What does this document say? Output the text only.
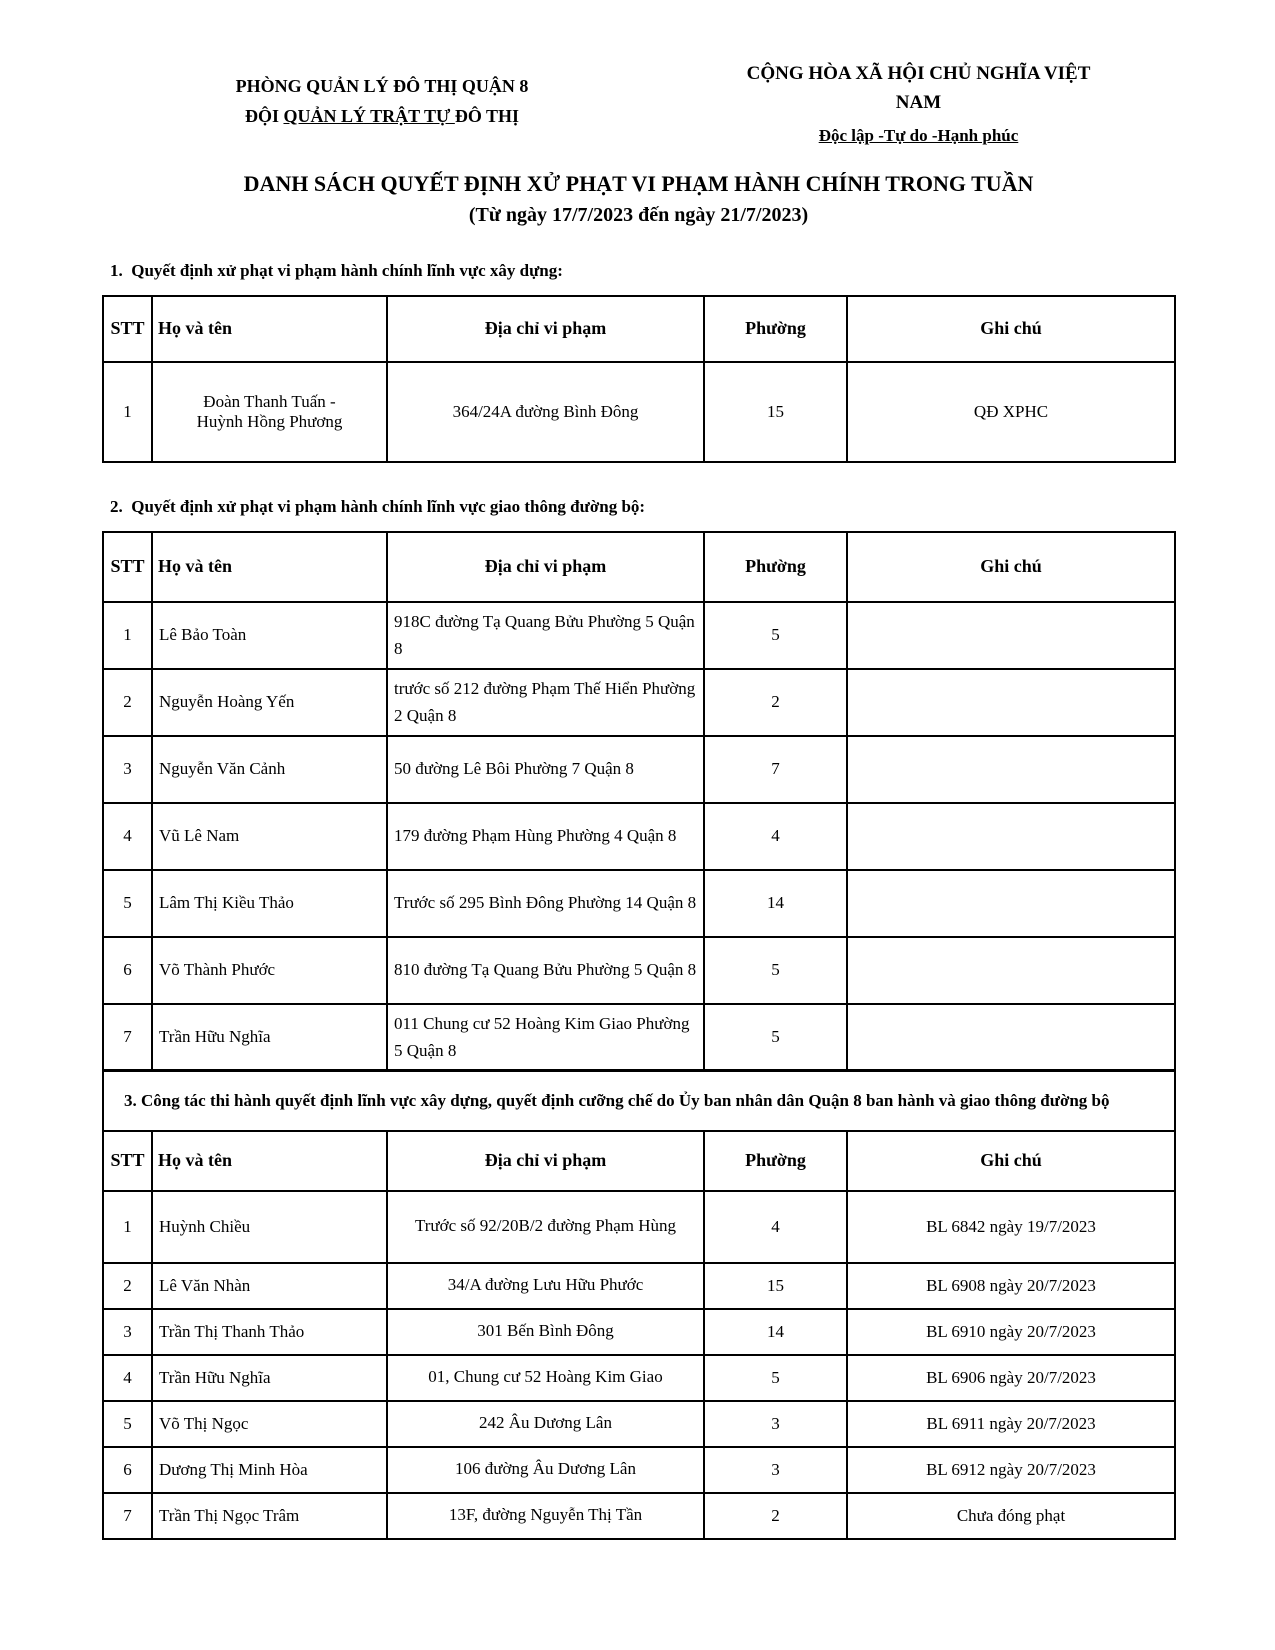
PHÒNG QUẢN LÝ ĐÔ THỊ QUẬN 8
ĐỘI QUẢN LÝ TRẬT TỰ ĐÔ THỊ
CỘNG HÒA XÃ HỘI CHỦ NGHĨA VIỆT
NAM
Độc lập -Tự do -Hạnh phúc
DANH SÁCH QUYẾT ĐỊNH XỬ PHẠT VI PHẠM HÀNH CHÍNH TRONG TUẦN
(Từ ngày 17/7/2023 đến ngày 21/7/2023)
1.  Quyết định xử phạt vi phạm hành chính lĩnh vực xây dựng:
STT	Họ và tên	Địa chỉ vi phạm	Phường	Ghi chú
1	Đoàn Thanh Tuấn - Huỳnh Hồng Phương	364/24A đường Bình Đông	15	QĐ XPHC
2.  Quyết định xử phạt vi phạm hành chính lĩnh vực giao thông đường bộ:
STT	Họ và tên	Địa chỉ vi phạm	Phường	Ghi chú
1	Lê Bảo Toàn	918C đường Tạ Quang Bửu Phường 5 Quận 8	5	
2	Nguyễn Hoàng Yến	trước số 212 đường Phạm Thế Hiển Phường 2 Quận 8	2	
3	Nguyễn Văn Cảnh	50 đường Lê Bôi Phường 7 Quận 8	7	
4	Vũ Lê Nam	179 đường Phạm Hùng Phường 4 Quận 8	4	
5	Lâm Thị Kiều Thảo	Trước số 295 Bình Đông Phường 14 Quận 8	14	
6	Võ Thành Phước	810 đường Tạ Quang Bửu Phường 5 Quận 8	5	
7	Trần Hữu Nghĩa	011 Chung cư 52 Hoàng Kim Giao Phường 5 Quận 8	5	
3. Công tác thi hành quyết định lĩnh vực xây dựng, quyết định cưỡng chế do Ủy ban nhân dân Quận 8 ban hành và giao thông đường bộ				
STT	Họ và tên	Địa chỉ vi phạm	Phường	Ghi chú
1	Huỳnh Chiều	Trước số 92/20B/2 đường Phạm Hùng	4	BL 6842 ngày 19/7/2023
2	Lê Văn Nhàn	34/A đường Lưu Hữu Phước	15	BL 6908 ngày 20/7/2023
3	Trần Thị Thanh Thảo	301 Bến Bình Đông	14	BL 6910 ngày 20/7/2023
4	Trần Hữu Nghĩa	01, Chung cư 52 Hoàng Kim Giao	5	BL 6906 ngày 20/7/2023
5	Võ Thị Ngọc	242 Âu Dương Lân	3	BL 6911 ngày 20/7/2023
6	Dương Thị Minh Hòa	106 đường Âu Dương Lân	3	BL 6912 ngày 20/7/2023
7	Trần Thị Ngọc Trâm	13F, đường Nguyễn Thị Tần	2	Chưa đóng phạt
